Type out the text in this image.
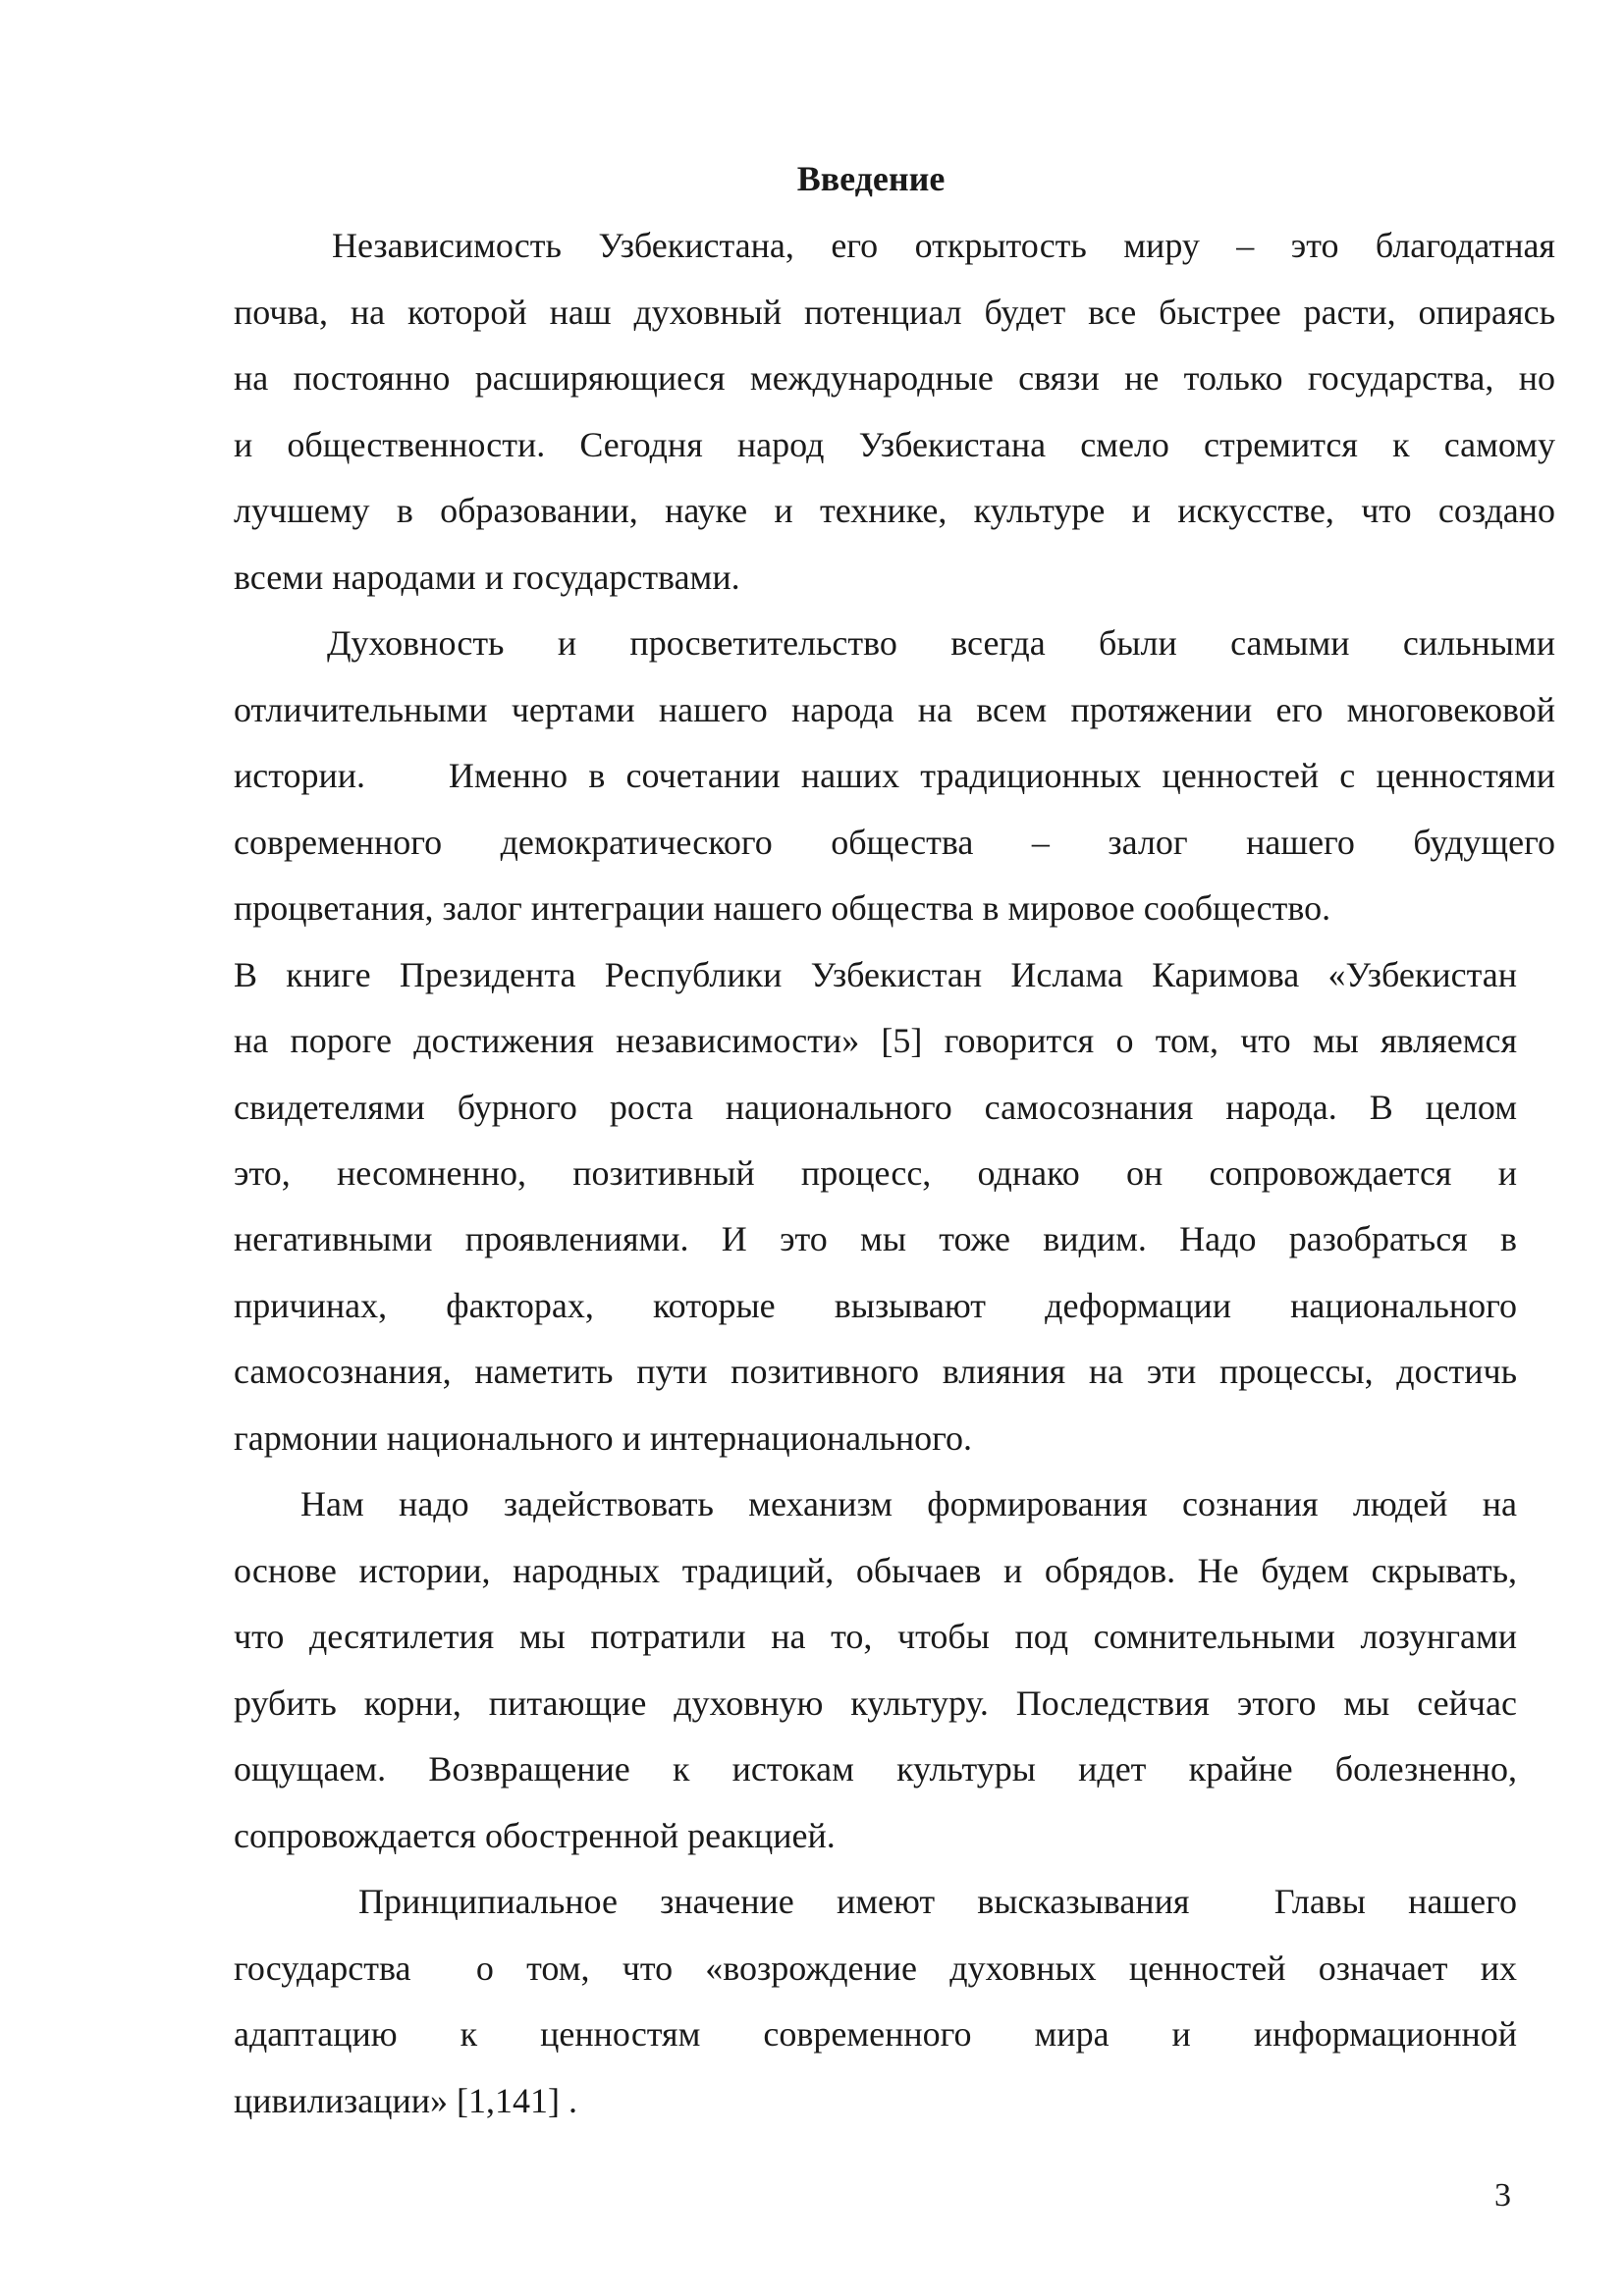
Введение
Независимость Узбекистана, его открытость миру – это благодатная
почва, на которой наш духовный потенциал будет все быстрее расти, опираясь
на постоянно расширяющиеся международные связи не только государства, но
и общественности. Сегодня народ Узбекистана смело стремится к самому
лучшему в образовании, науке и технике, культуре и искусстве, что создано
всеми народами и государствами.
Духовность и просветительство всегда были самыми сильными
отличительными чертами нашего народа на всем протяжении его многовековой
истории.    Именно в сочетании наших традиционных ценностей с ценностями
современного демократического общества – залог нашего будущего
процветания, залог интеграции нашего общества в мировое сообщество.
В книге Президента Республики Узбекистан Ислама Каримова «Узбекистан
на пороге достижения независимости» [5] говорится о том, что мы являемся
свидетелями бурного роста национального самосознания народа. В целом
это, несомненно, позитивный процесс, однако он сопровождается и
негативными проявлениями. И это мы тоже видим. Надо разобраться в
причинах, факторах, которые вызывают деформации национального
самосознания, наметить пути позитивного влияния на эти процессы, достичь
гармонии национального и интернационального.
Нам надо задействовать механизм формирования сознания людей на
основе истории, народных традиций, обычаев и обрядов. Не будем скрывать,
что десятилетия мы потратили на то, чтобы под сомнительными лозунгами
рубить корни, питающие духовную культуру. Последствия этого мы сейчас
ощущаем. Возвращение к истокам культуры идет крайне болезненно,
сопровождается обостренной реакцией.
Принципиальное значение имеют высказывания  Главы нашего
государства  о том, что «возрождение духовных ценностей означает их
адаптацию к ценностям современного мира и информационной
цивилизации» [1,141] .
3
